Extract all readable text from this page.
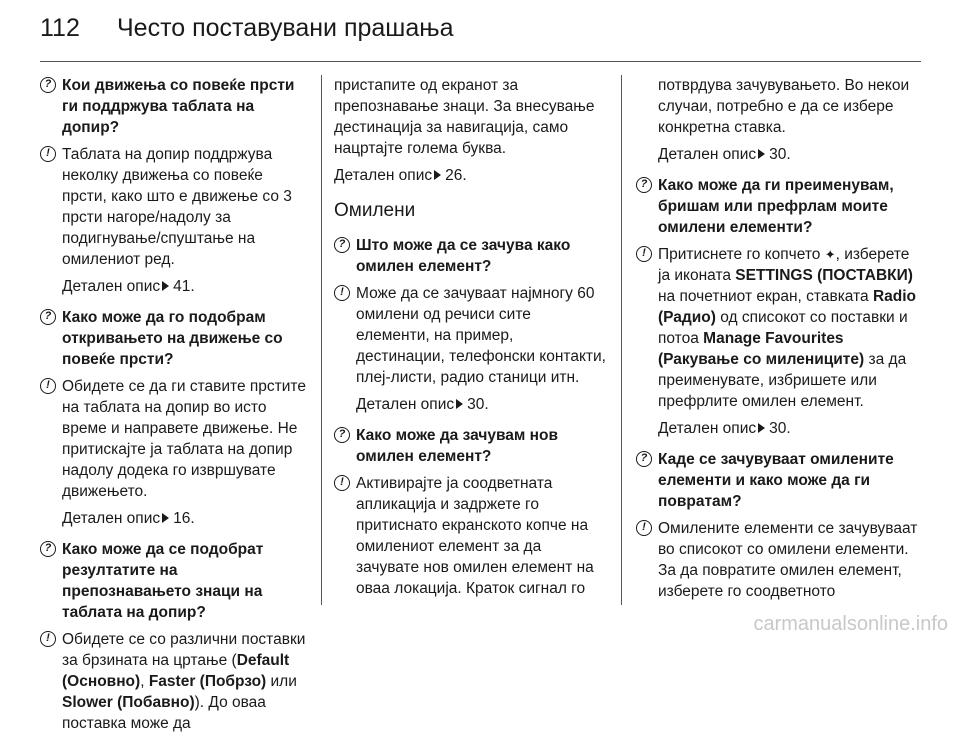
112 Често поставувани прашања
? Кои движења со повеќе прсти ги поддржува таблата на допир?
! Таблата на допир поддржува неколку движења со повеќе прсти, како што е движење со 3 прсти нагоре/надолу за подигнување/спуштање на омилениот ред.
Детален опис 41.
? Како може да го подобрам откривањето на движење со повеќе прсти?
! Обидете се да ги ставите прстите на таблата на допир во исто време и направете движење. Не притискајте ја таблата на допир надолу додека го извршувате движењето.
Детален опис 16.
? Како може да се подобрат резултатите на препознавањето знаци на таблата на допир?
! Обидете се со различни поставки за брзината на цртање (Default (Основно), Faster (Побрзо) или Slower (Побавно)). До оваа поставка може да
пристапите од екранот за препознавање знаци. За внесување дестинација за навигација, само нацртајте голема буква.
Детален опис 26.
Омилени
? Што може да се зачува како омилен елемент?
! Може да се зачуваат најмногу 60 омилени од речиси сите елементи, на пример, дестинации, телефонски контакти, плеј-листи, радио станици итн.
Детален опис 30.
? Како може да зачувам нов омилен елемент?
! Активирајте ја соодветната апликација и задржете го притиснато екранското копче на омилениот елемент за да зачувате нов омилен елемент на оваа локација. Краток сигнал го
потврдува зачувувањето. Во некои случаи, потребно е да се избере конкретна ставка.
Детален опис 30.
? Како може да ги преименувам, бришам или префрлам моите омилени елементи?
! Притиснете го копчето ✦, изберете ја иконата SETTINGS (ПОСТАВКИ) на почетниот екран, ставката Radio (Радио) од списокот со поставки и потоа Manage Favourites (Ракување со милениците) за да преименувате, избришете или префрлите омилен елемент.
Детален опис 30.
? Каде се зачувуваат омилените елементи и како може да ги повратам?
! Омилените елементи се зачувуваат во списокот со омилени елементи. За да повратите омилен елемент, изберете го соодветното
carmanualsonline.info
